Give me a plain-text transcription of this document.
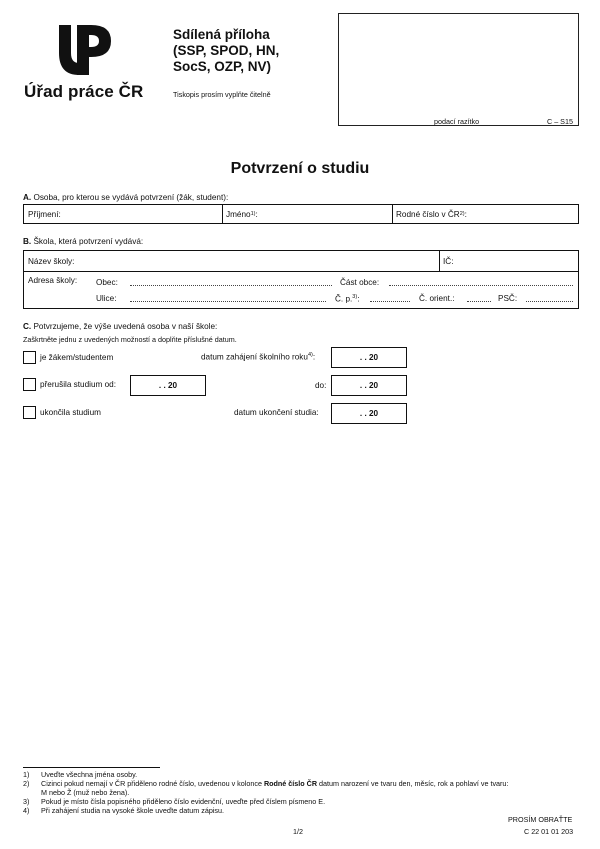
Úřad práce ČR
Sdílená příloha
(SSP, SPOD, HN,
SocS, OZP, NV)
Tiskopis prosím vyplňte čitelně
podací razítko	C – S15
Potvrzení o studiu
A. Osoba, pro kterou se vydává potvrzení (žák, student):
Příjmení:	Jméno 1) :	Rodné číslo v ČR 2) :
B. Škola, která potvrzení vydává:
Název školy:	IČ:
Adresa školy: Obec:	Část obce:
Ulice:	Č. p.$^{3)}$:	Č. orient.:	PSČ:
C. Potvrzujeme, že výše uvedená osoba v naší škole:
Zaškrtněte jednu z uvedených možností a doplňte příslušné datum.
je žákem/studentem	datum zahájení školního roku$^{4)}$:	. . 20
přerušila studium od:	. . 20	do:	. . 20
ukončila studium	datum ukončení studia:	. . 20
1) Uveďte všechna jména osoby.
2) Cizinci pokud nemají v ČR přiděleno rodné číslo, uvedenou v kolonce Rodné číslo ČR datum narození ve tvaru den, měsíc, rok a pohlaví ve tvaru:
M nebo Ž (muž nebo žena).
3) Pokud je místo čísla popisného přiděleno číslo evidenční, uveďte před číslem písmeno E.
4) Při zahájení studia na vysoké škole uveďte datum zápisu.
PROSÍM OBRAŤTE
1/2	C 22 01 01 203
